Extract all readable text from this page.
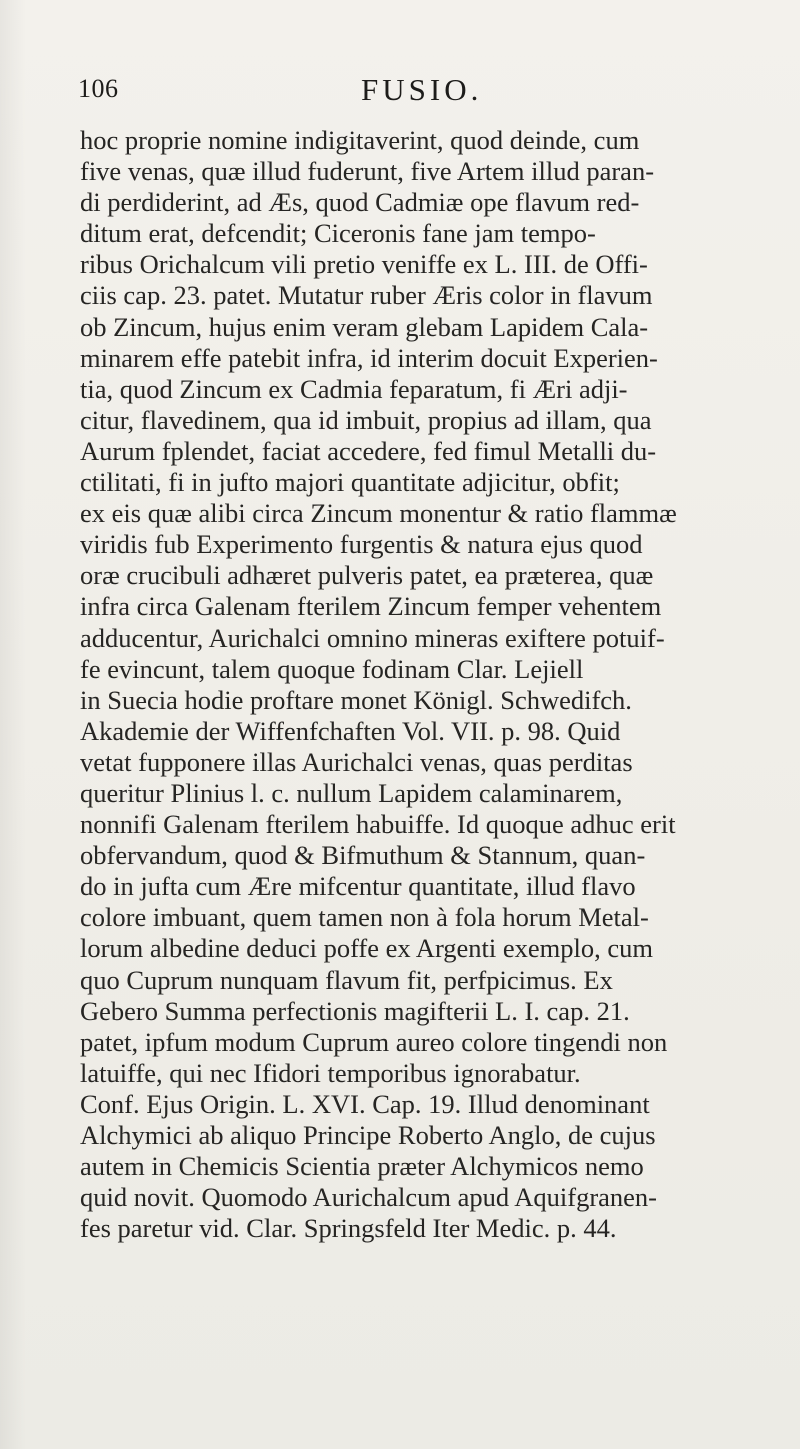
106	FUSIO.
hoc proprie nomine indigitaverint, quod deinde, cum
five venas, quæ illud fuderunt, five Artem illud paran-
di perdiderint, ad Æs, quod Cadmiæ ope flavum red-
ditum erat, defcendit; Ciceronis fane jam tempo-
ribus Orichalcum vili pretio veniffe ex L. III. de Offi-
ciis cap. 23. patet. Mutatur ruber Æris color in flavum
ob Zincum, hujus enim veram glebam Lapidem Cala-
minarem effe patebit infra, id interim docuit Experien-
tia, quod Zincum ex Cadmia feparatum, fi Æri adji-
citur, flavedinem, qua id imbuit, propius ad illam, qua
Aurum fplendet, faciat accedere, fed fimul Metalli du-
ctilitati, fi in jufto majori quantitate adjicitur, obfit;
ex eis quæ alibi circa Zincum monentur & ratio flammæ
viridis fub Experimento furgentis & natura ejus quod
oræ crucibuli adhæret pulveris patet, ea præterea, quæ
infra circa Galenam fterilem Zincum femper vehentem
adducentur, Aurichalci omnino mineras exiftere potuif-
fe evincunt, talem quoque fodinam Clar. Lejiell
in Suecia hodie proftare monet Königl. Schwedifch.
Akademie der Wiffenfchaften Vol. VII. p. 98. Quid
vetat fupponere illas Aurichalci venas, quas perditas
queritur Plinius l. c. nullum Lapidem calaminarem,
nonnifi Galenam fterilem habuiffe. Id quoque adhuc erit
obfervandum, quod & Bifmuthum & Stannum, quan-
do in jufta cum Ære mifcentur quantitate, illud flavo
colore imbuant, quem tamen non à fola horum Metal-
lorum albedine deduci poffe ex Argenti exemplo, cum
quo Cuprum nunquam flavum fit, perfpicimus. Ex
Gebero Summa perfectionis magifterii L. I. cap. 21.
patet, ipfum modum Cuprum aureo colore tingendi non
latuiffe, qui nec Ifidori temporibus ignorabatur.
Conf. Ejus Origin. L. XVI. Cap. 19. Illud denominant
Alchymici ab aliquo Principe Roberto Anglo, de cujus
autem in Chemicis Scientia præter Alchymicos nemo
quid novit. Quomodo Aurichalcum apud Aquifgranen-
fes paretur vid. Clar. Springsfeld Iter Medic. p. 44.
